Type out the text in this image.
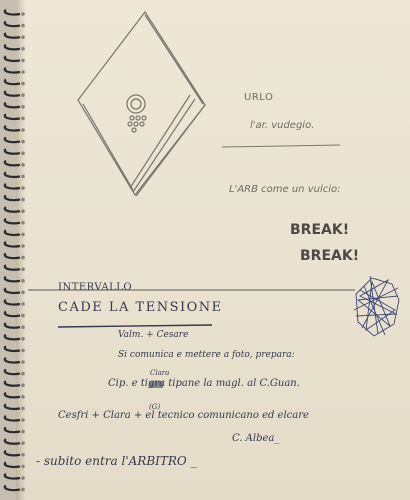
URLO
l'ar. vudegio.
L'ARB come un vulcio:
BREAK!
BREAK!
INTERVALLO
CADE LA TENSIONE
Valm. + Cesare
Si comunica e mettere a foto, prepara:
Clara
Cip. e tigra tipane la magl. al C.Guan.
(G)
Cesfri + Clara + el tecnico comunicano ed elcare
C. Albea_
- subito entra l'ARBITRO _
